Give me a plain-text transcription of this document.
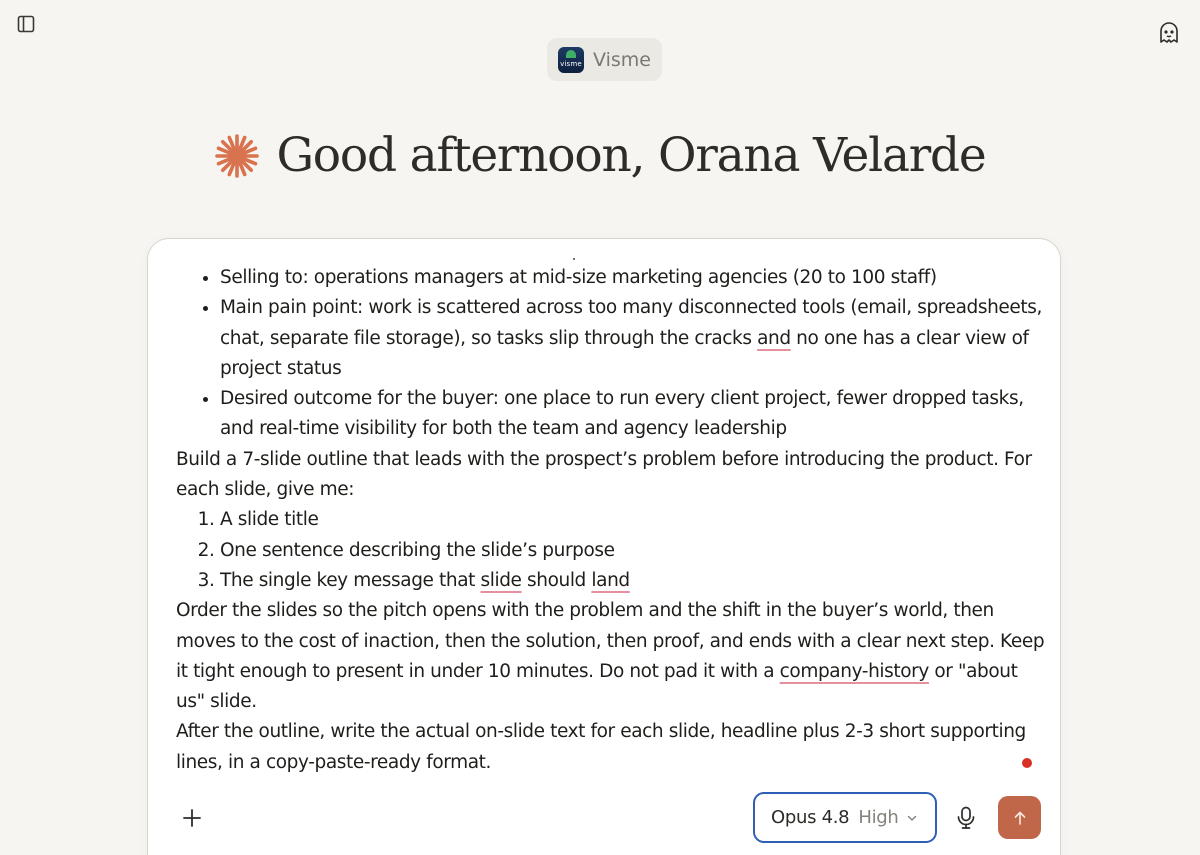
visme Visme
Good afternoon, Orana Velarde
• Selling to: operations managers at mid-size marketing agencies (20 to 100 staff)
• Main pain point: work is scattered across too many disconnected tools (email, spreadsheets, chat, separate file storage), so tasks slip through the cracks and no one has a clear view of project status
• Desired outcome for the buyer: one place to run every client project, fewer dropped tasks, and real-time visibility for both the team and agency leadership

Build a 7-slide outline that leads with the prospect’s problem before introducing the product. For each slide, give me:

1. A slide title
2. One sentence describing the slide’s purpose
3. The single key message that slide should land

Order the slides so the pitch opens with the problem and the shift in the buyer’s world, then moves to the cost of inaction, then the solution, then proof, and ends with a clear next step. Keep it tight enough to present in under 10 minutes. Do not pad it with a company-history or "about us" slide.

After the outline, write the actual on-slide text for each slide, headline plus 2-3 short supporting lines, in a copy-paste-ready format.

Opus 4.8 High
